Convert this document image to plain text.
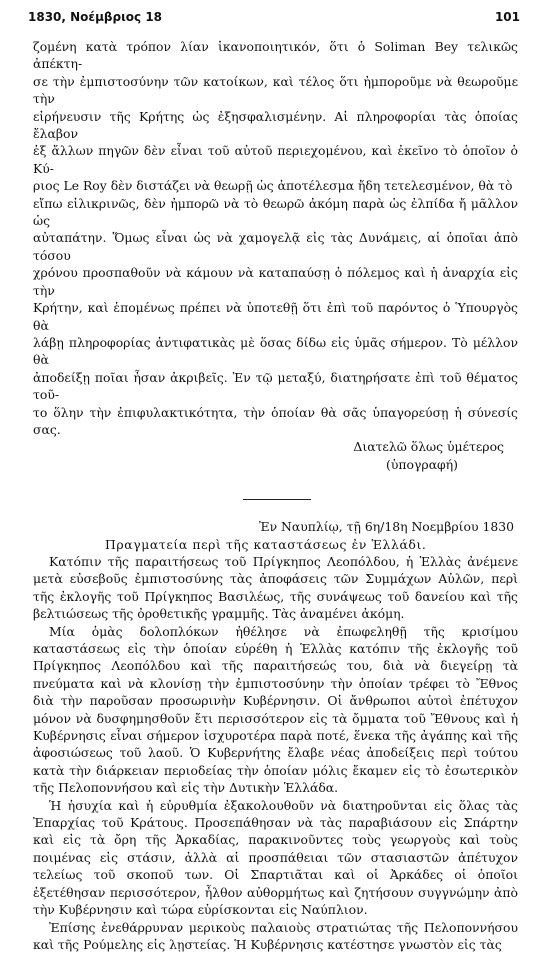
1830, Νοέμβριος 18	101

ζομένη κατὰ τρόπον λίαν ἱκανοποιητικόν, ὅτι ὁ Soliman Bey τελικῶς ἀπέκτη-

σε τὴν ἐμπιστοσύνην τῶν κατοίκων, καὶ τέλος ὅτι ἠμποροῦμε νὰ θεωροῦμε τὴν

εἰρήνευσιν τῆς Κρήτης ὡς ἐξησφαλισμένην. Αἱ πληροφορίαι τὰς ὁποίας ἔλαβον

ἐξ ἄλλων πηγῶν δὲν εἶναι τοῦ αὐτοῦ περιεχομένου, καὶ ἐκεῖνο τὸ ὁποῖον ὁ Κύ-

ριος Le Roy δὲν διστάζει νὰ θεωρῇ ὡς ἀποτέλεσμα ἤδη τετελεσμένον, θὰ τὸ

εἴπω εἰλικρινῶς, δὲν ἠμπορῶ νὰ τὸ θεωρῶ ἀκόμη παρὰ ὡς ἐλπίδα ἤ μᾶλλον ὡς

αὐταπάτην. Ὅμως εἶναι ὡς νὰ χαμογελᾷ εἰς τὰς Δυνάμεις, αἱ ὁποῖαι ἀπὸ τόσου

χρόνου προσπαθοῦν νὰ κάμουν νὰ καταπαύσῃ ὁ πόλεμος καὶ ἡ ἀναρχία εἰς τὴν

Κρήτην, καὶ ἑπομένως πρέπει νὰ ὑποτεθῇ ὅτι ἐπὶ τοῦ παρόντος ὁ Ὑπουργὸς θὰ

λάβῃ πληροφορίας ἀντιφατικὰς μὲ ὅσας δίδω εἰς ὑμᾶς σήμερον. Τὸ μέλλον θὰ

ἀποδείξῃ ποῖαι ἦσαν ἀκριβεῖς. Ἐν τῷ μεταξύ, διατηρήσατε ἐπὶ τοῦ θέματος τοῦ-

το ὅλην τὴν ἐπιφυλακτικότητα, τὴν ὁποίαν θὰ σᾶς ὑπαγορεύσῃ ἡ σύνεσίς σας.

Διατελῶ ὅλως ὑμέτερος

(ὑπογραφή)

Ἐν Ναυπλίῳ, τῇ 6η/18η Νοεμβρίου 1830

Πραγματεία περὶ τῆς καταστάσεως ἐν Ἑλλάδι.

Κατόπιν τῆς παραιτήσεως τοῦ Πρίγκηπος Λεοπόλδου, ἡ Ἑλλὰς ἀνέμενε μετὰ εὐσεβοῦς ἐμπιστοσύνης τὰς ἀποφάσεις τῶν Συμμάχων Αὐλῶν, περὶ τῆς ἐκλογῆς τοῦ Πρίγκηπος Βασιλέως, τῆς συνάψεως τοῦ δανείου καὶ τῆς βελτιώσεως τῆς ὀροθετικῆς γραμμῆς. Τὰς ἀναμένει ἀκόμη.

Μία ὁμὰς δολοπλόκων ἠθέλησε νὰ ἐπωφεληθῇ τῆς κρισίμου καταστάσεως εἰς τὴν ὁποίαν εὑρέθη ἡ Ἑλλὰς κατόπιν τῆς ἐκλογῆς τοῦ Πρίγκηπος Λεοπόλδου καὶ τῆς παραιτήσεώς του, διὰ νὰ διεγείρῃ τὰ πνεύματα καὶ νὰ κλονίσῃ τὴν ἐμπιστοσύνην τὴν ὁποίαν τρέφει τὸ Ἔθνος διὰ τὴν παροῦσαν προσωρινὴν Κυβέρνησιν. Οἱ ἄνθρωποι αὐτοὶ ἐπέτυχον μόνον νὰ δυσφημησθοῦν ἔτι περισσότερον εἰς τὰ ὄμματα τοῦ Ἔθνους καὶ ἡ Κυβέρνησις εἶναι σήμερον ἰσχυροτέρα παρὰ ποτέ, ἕνεκα τῆς ἀγάπης καὶ τῆς ἀφοσιώσεως τοῦ λαοῦ. Ὁ Κυβερνήτης ἔλαβε νέας ἀποδείξεις περὶ τούτου κατὰ τὴν διάρκειαν περιοδείας τὴν ὁποίαν μόλις ἔκαμεν εἰς τὸ ἐσωτερικὸν τῆς Πελοποννήσου καὶ εἰς τὴν Δυτικὴν Ἑλλάδα.

Ἡ ἡσυχία καὶ ἡ εὐρυθμία ἐξακολουθοῦν νὰ διατηροῦνται εἰς ὅλας τὰς Ἐπαρχίας τοῦ Κράτους. Προσεπάθησαν νὰ τὰς παραβιάσουν εἰς Σπάρτην καὶ εἰς τὰ ὄρη τῆς Ἀρκαδίας, παρακινοῦντες τοὺς γεωργοὺς καὶ τοὺς ποιμένας εἰς στάσιν, ἀλλὰ αἱ προσπάθειαι τῶν στασιαστῶν ἀπέτυχον τελείως τοῦ σκοποῦ των. Οἱ Σπαρτιᾶται καὶ οἱ Ἀρκάδες οἱ ὁποῖοι ἐξετέθησαν περισσότερον, ἦλθον αὐθορμήτως καὶ ζητήσουν συγγνώμην ἀπὸ τὴν Κυβέρνησιν καὶ τώρα εὑρίσκονται εἰς Ναύπλιον.

Ἐπίσης ἐνεθάρρυναν μερικοὺς παλαιοὺς στρατιώτας τῆς Πελοποννήσου καὶ τῆς Ρούμελης εἰς λῃστείας. Ἡ Κυβέρνησις κατέστησε γνωστὸν εἰς τὰς
